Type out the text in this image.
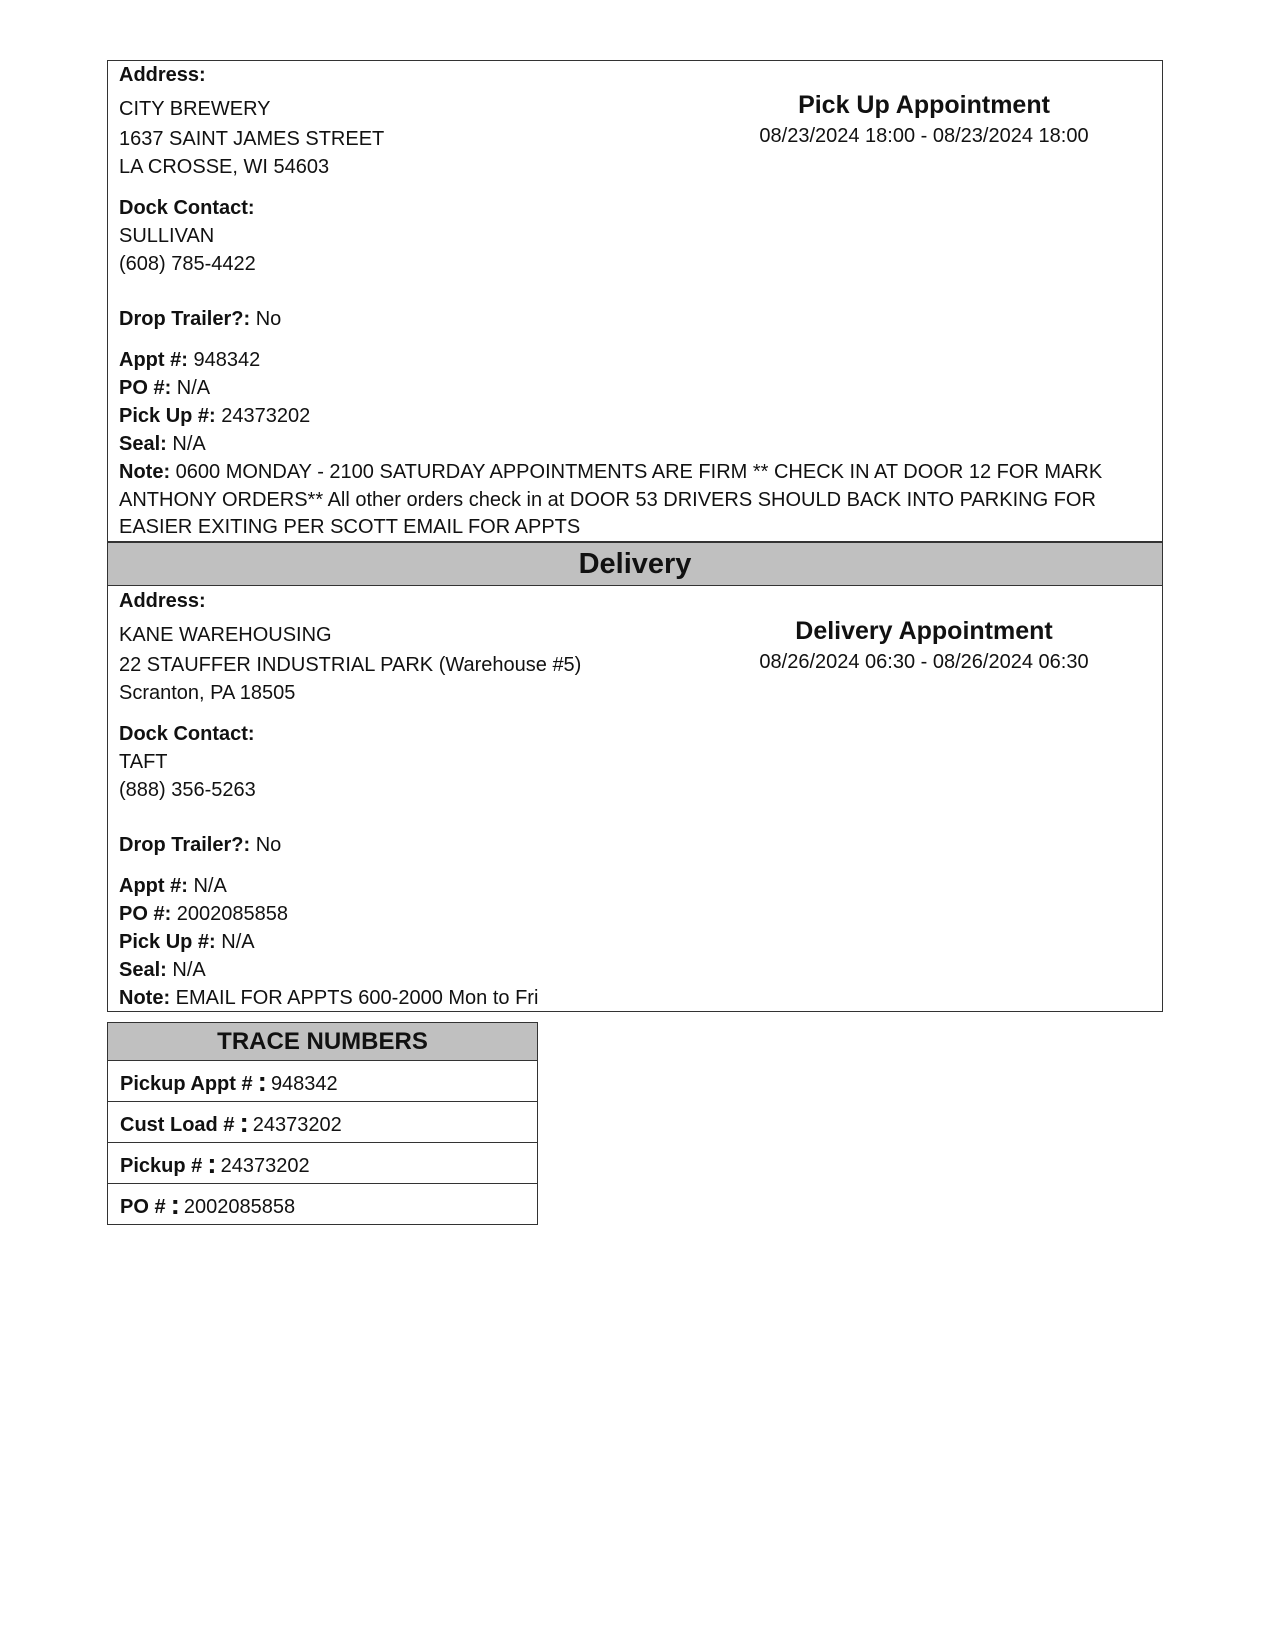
Address:
CITY BREWERY
1637 SAINT JAMES STREET
LA CROSSE, WI 54603
Pick Up Appointment
08/23/2024 18:00 - 08/23/2024 18:00
Dock Contact:
SULLIVAN
(608) 785-4422
Drop Trailer?: No
Appt #: 948342
PO #: N/A
Pick Up #: 24373202
Seal: N/A
Note: 0600 MONDAY - 2100 SATURDAY APPOINTMENTS ARE FIRM ** CHECK IN AT DOOR 12 FOR MARK ANTHONY ORDERS** All other orders check in at DOOR 53 DRIVERS SHOULD BACK INTO PARKING FOR EASIER EXITING PER SCOTT EMAIL FOR APPTS
Delivery
Address:
KANE WAREHOUSING
22 STAUFFER INDUSTRIAL PARK (Warehouse #5)
Scranton, PA 18505
Delivery Appointment
08/26/2024 06:30 - 08/26/2024 06:30
Dock Contact:
TAFT
(888) 356-5263
Drop Trailer?: No
Appt #: N/A
PO #: 2002085858
Pick Up #: N/A
Seal: N/A
Note: EMAIL FOR APPTS 600-2000 Mon to Fri
TRACE NUMBERS
Pickup Appt # : 948342
Cust Load # : 24373202
Pickup # : 24373202
PO # : 2002085858
